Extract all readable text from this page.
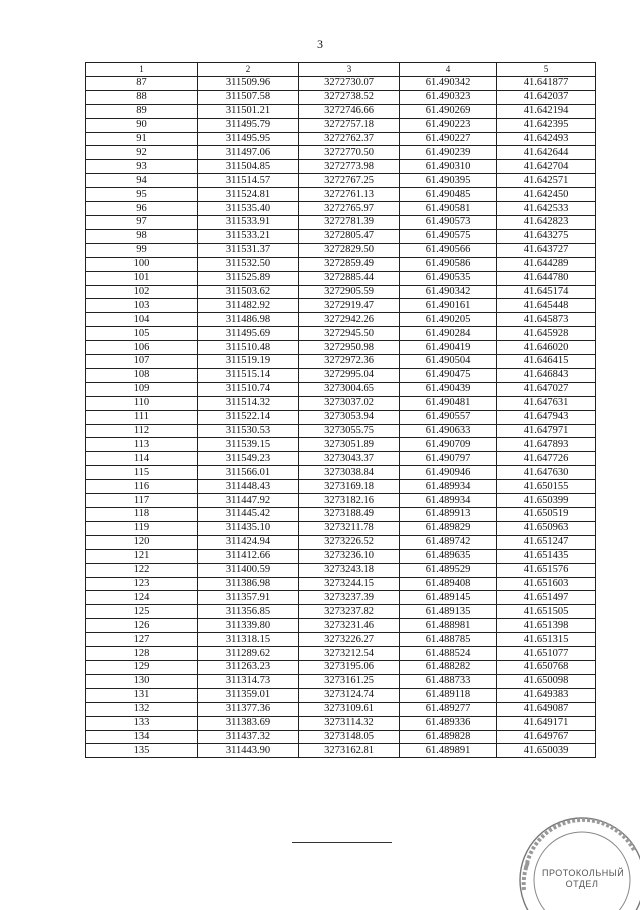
3
1	2	3	4	5
87	311509.96	3272730.07	61.490342	41.641877
88	311507.58	3272738.52	61.490323	41.642037
89	311501.21	3272746.66	61.490269	41.642194
90	311495.79	3272757.18	61.490223	41.642395
91	311495.95	3272762.37	61.490227	41.642493
92	311497.06	3272770.50	61.490239	41.642644
93	311504.85	3272773.98	61.490310	41.642704
94	311514.57	3272767.25	61.490395	41.642571
95	311524.81	3272761.13	61.490485	41.642450
96	311535.40	3272765.97	61.490581	41.642533
97	311533.91	3272781.39	61.490573	41.642823
98	311533.21	3272805.47	61.490575	41.643275
99	311531.37	3272829.50	61.490566	41.643727
100	311532.50	3272859.49	61.490586	41.644289
101	311525.89	3272885.44	61.490535	41.644780
102	311503.62	3272905.59	61.490342	41.645174
103	311482.92	3272919.47	61.490161	41.645448
104	311486.98	3272942.26	61.490205	41.645873
105	311495.69	3272945.50	61.490284	41.645928
106	311510.48	3272950.98	61.490419	41.646020
107	311519.19	3272972.36	61.490504	41.646415
108	311515.14	3272995.04	61.490475	41.646843
109	311510.74	3273004.65	61.490439	41.647027
110	311514.32	3273037.02	61.490481	41.647631
111	311522.14	3273053.94	61.490557	41.647943
112	311530.53	3273055.75	61.490633	41.647971
113	311539.15	3273051.89	61.490709	41.647893
114	311549.23	3273043.37	61.490797	41.647726
115	311566.01	3273038.84	61.490946	41.647630
116	311448.43	3273169.18	61.489934	41.650155
117	311447.92	3273182.16	61.489934	41.650399
118	311445.42	3273188.49	61.489913	41.650519
119	311435.10	3273211.78	61.489829	41.650963
120	311424.94	3273226.52	61.489742	41.651247
121	311412.66	3273236.10	61.489635	41.651435
122	311400.59	3273243.18	61.489529	41.651576
123	311386.98	3273244.15	61.489408	41.651603
124	311357.91	3273237.39	61.489145	41.651497
125	311356.85	3273237.82	61.489135	41.651505
126	311339.80	3273231.46	61.488981	41.651398
127	311318.15	3273226.27	61.488785	41.651315
128	311289.62	3273212.54	61.488524	41.651077
129	311263.23	3273195.06	61.488282	41.650768
130	311314.73	3273161.25	61.488733	41.650098
131	311359.01	3273124.74	61.489118	41.649383
132	311377.36	3273109.61	61.489277	41.649087
133	311383.69	3273114.32	61.489336	41.649171
134	311437.32	3273148.05	61.489828	41.649767
135	311443.90	3273162.81	61.489891	41.650039
ПРОТОКОЛЬНЫЙ
ОТДЕЛ
